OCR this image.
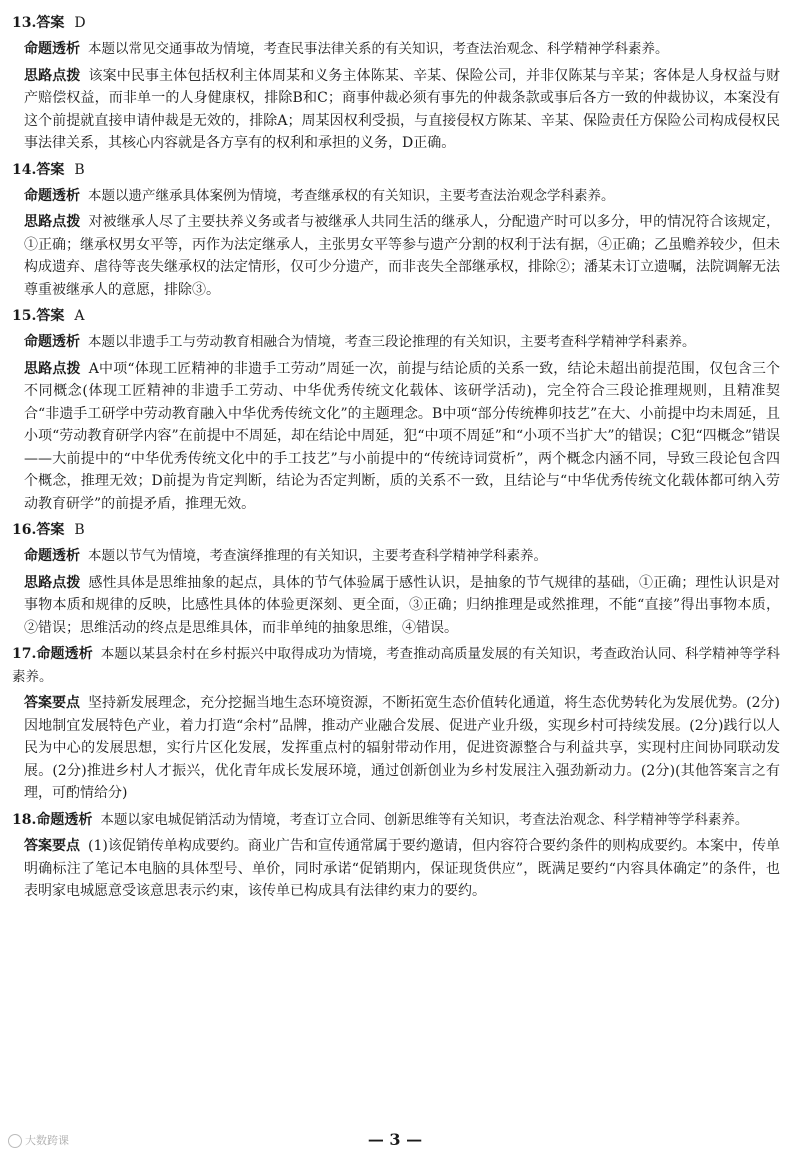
13.答案 D

命题透析 本题以常见交通事故为情境，考查民事法律关系的有关知识，考查法治观念、科学精神学科素养。

思路点拨 该案中民事主体包括权利主体周某和义务主体陈某、辛某、保险公司，并非仅陈某与辛某；客体是人身权益与财产赔偿权益，而非单一的人身健康权，排除B和C；商事仲裁必须有事先的仲裁条款或事后各方一致的仲裁协议，本案没有这个前提就直接申请仲裁是无效的，排除A；周某因权利受损，与直接侵权方陈某、辛某、保险责任方保险公司构成侵权民事法律关系，其核心内容就是各方享有的权利和承担的义务，D正确。

14.答案 B

命题透析 本题以遗产继承具体案例为情境，考查继承权的有关知识，主要考查法治观念学科素养。

思路点拨 对被继承人尽了主要扶养义务或者与被继承人共同生活的继承人，分配遗产时可以多分，甲的情况符合该规定，①正确；继承权男女平等，丙作为法定继承人，主张男女平等参与遗产分割的权利于法有据，④正确；乙虽赡养较少，但未构成遗弃、虐待等丧失继承权的法定情形，仅可少分遗产，而非丧失全部继承权，排除②；潘某未订立遗嘱，法院调解无法尊重被继承人的意愿，排除③。

15.答案 A

命题透析 本题以非遗手工与劳动教育相融合为情境，考查三段论推理的有关知识，主要考查科学精神学科素养。

思路点拨 A中项“体现工匠精神的非遗手工劳动”周延一次，前提与结论质的关系一致，结论未超出前提范围，仅包含三个不同概念(体现工匠精神的非遗手工劳动、中华优秀传统文化载体、该研学活动)，完全符合三段论推理规则，且精准契合“非遗手工研学中劳动教育融入中华优秀传统文化”的主题理念。B中项“部分传统榫卯技艺”在大、小前提中均未周延，且小项“劳动教育研学内容”在前提中不周延，却在结论中周延，犯“中项不周延”和“小项不当扩大”的错误；C犯“四概念”错误——大前提中的“中华优秀传统文化中的手工技艺”与小前提中的“传统诗词赏析”，两个概念内涵不同，导致三段论包含四个概念，推理无效；D前提为肯定判断，结论为否定判断，质的关系不一致，且结论与“中华优秀传统文化载体都可纳入劳动教育研学”的前提矛盾，推理无效。

16.答案 B

命题透析 本题以节气为情境，考查演绎推理的有关知识，主要考查科学精神学科素养。

思路点拨 感性具体是思维抽象的起点，具体的节气体验属于感性认识，是抽象的节气规律的基础，①正确；理性认识是对事物本质和规律的反映，比感性具体的体验更深刻、更全面，③正确；归纳推理是或然推理，不能“直接”得出事物本质，②错误；思维活动的终点是思维具体，而非单纯的抽象思维，④错误。

17.命题透析 本题以某县余村在乡村振兴中取得成功为情境，考查推动高质量发展的有关知识，考查政治认同、科学精神等学科素养。

答案要点 坚持新发展理念，充分挖掘当地生态环境资源，不断拓宽生态价值转化通道，将生态优势转化为发展优势。(2分)因地制宜发展特色产业，着力打造“余村”品牌，推动产业融合发展、促进产业升级，实现乡村可持续发展。(2分)践行以人民为中心的发展思想，实行片区化发展，发挥重点村的辐射带动作用，促进资源整合与利益共享，实现村庄间协同联动发展。(2分)推进乡村人才振兴，优化青年成长发展环境，通过创新创业为乡村发展注入强劲新动力。(2分)(其他答案言之有理，可酌情给分)

18.命题透析 本题以家电城促销活动为情境，考查订立合同、创新思维等有关知识，考查法治观念、科学精神等学科素养。

答案要点 (1)该促销传单构成要约。商业广告和宣传通常属于要约邀请，但内容符合要约条件的则构成要约。本案中，传单明确标注了笔记本电脑的具体型号、单价，同时承诺“促销期内，保证现货供应”，既满足要约“内容具体确定”的条件，也表明家电城愿意受该意思表示约束，该传单已构成具有法律约束力的要约。

大数跨课	— 3 —
